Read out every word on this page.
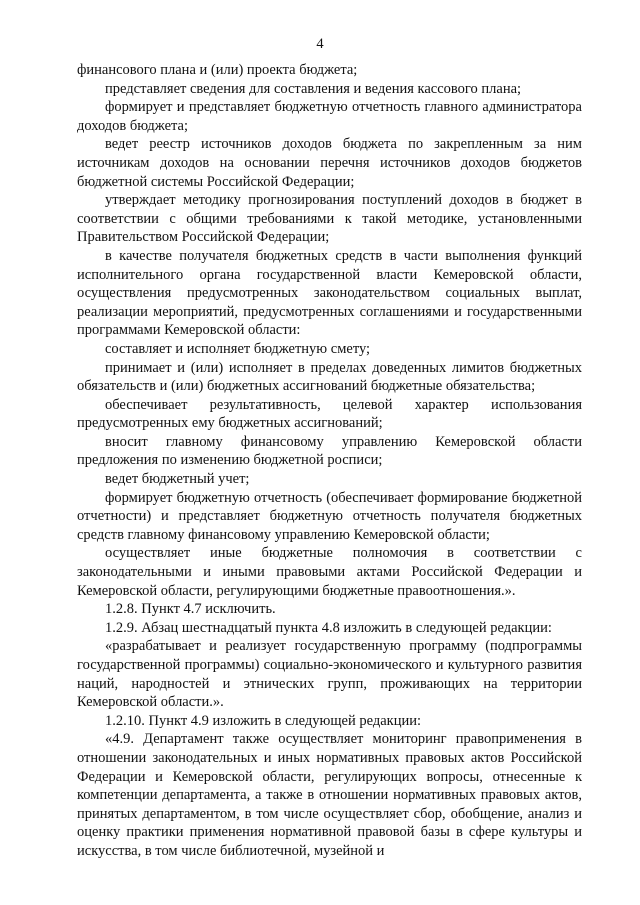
4

финансового плана и (или) проекта бюджета;

представляет сведения для составления и ведения кассового плана;

формирует и представляет бюджетную отчетность главного администратора доходов бюджета;

ведет реестр источников доходов бюджета по закрепленным за ним источникам доходов на основании перечня источников доходов бюджетов бюджетной системы Российской Федерации;

утверждает методику прогнозирования поступлений доходов в бюджет в соответствии с общими требованиями к такой методике, установленными Правительством Российской Федерации;

в качестве получателя бюджетных средств в части выполнения функций исполнительного органа государственной власти Кемеровской области, осуществления предусмотренных законодательством социальных выплат, реализации мероприятий, предусмотренных соглашениями и государственными программами Кемеровской области:

составляет и исполняет бюджетную смету;

принимает и (или) исполняет в пределах доведенных лимитов бюджетных обязательств и (или) бюджетных ассигнований бюджетные обязательства;

обеспечивает результативность, целевой характер использования предусмотренных ему бюджетных ассигнований;

вносит главному финансовому управлению Кемеровской области предложения по изменению бюджетной росписи;

ведет бюджетный учет;

формирует бюджетную отчетность (обеспечивает формирование бюджетной отчетности) и представляет бюджетную отчетность получателя бюджетных средств главному финансовому управлению Кемеровской области;

осуществляет иные бюджетные полномочия в соответствии с законодательными и иными правовыми актами Российской Федерации и Кемеровской области, регулирующими бюджетные правоотношения.».

1.2.8. Пункт 4.7 исключить.

1.2.9. Абзац шестнадцатый пункта 4.8 изложить в следующей редакции:

«разрабатывает и реализует государственную программу (подпрограммы государственной программы) социально-экономического и культурного развития наций, народностей и этнических групп, проживающих на территории Кемеровской области.».

1.2.10. Пункт 4.9 изложить в следующей редакции:

«4.9. Департамент также осуществляет мониторинг правоприменения в отношении законодательных и иных нормативных правовых актов Российской Федерации и Кемеровской области, регулирующих вопросы, отнесенные к компетенции департамента, а также в отношении нормативных правовых актов, принятых департаментом, в том числе осуществляет сбор, обобщение, анализ и оценку практики применения нормативной правовой базы в сфере культуры и искусства, в том числе библиотечной, музейной и
